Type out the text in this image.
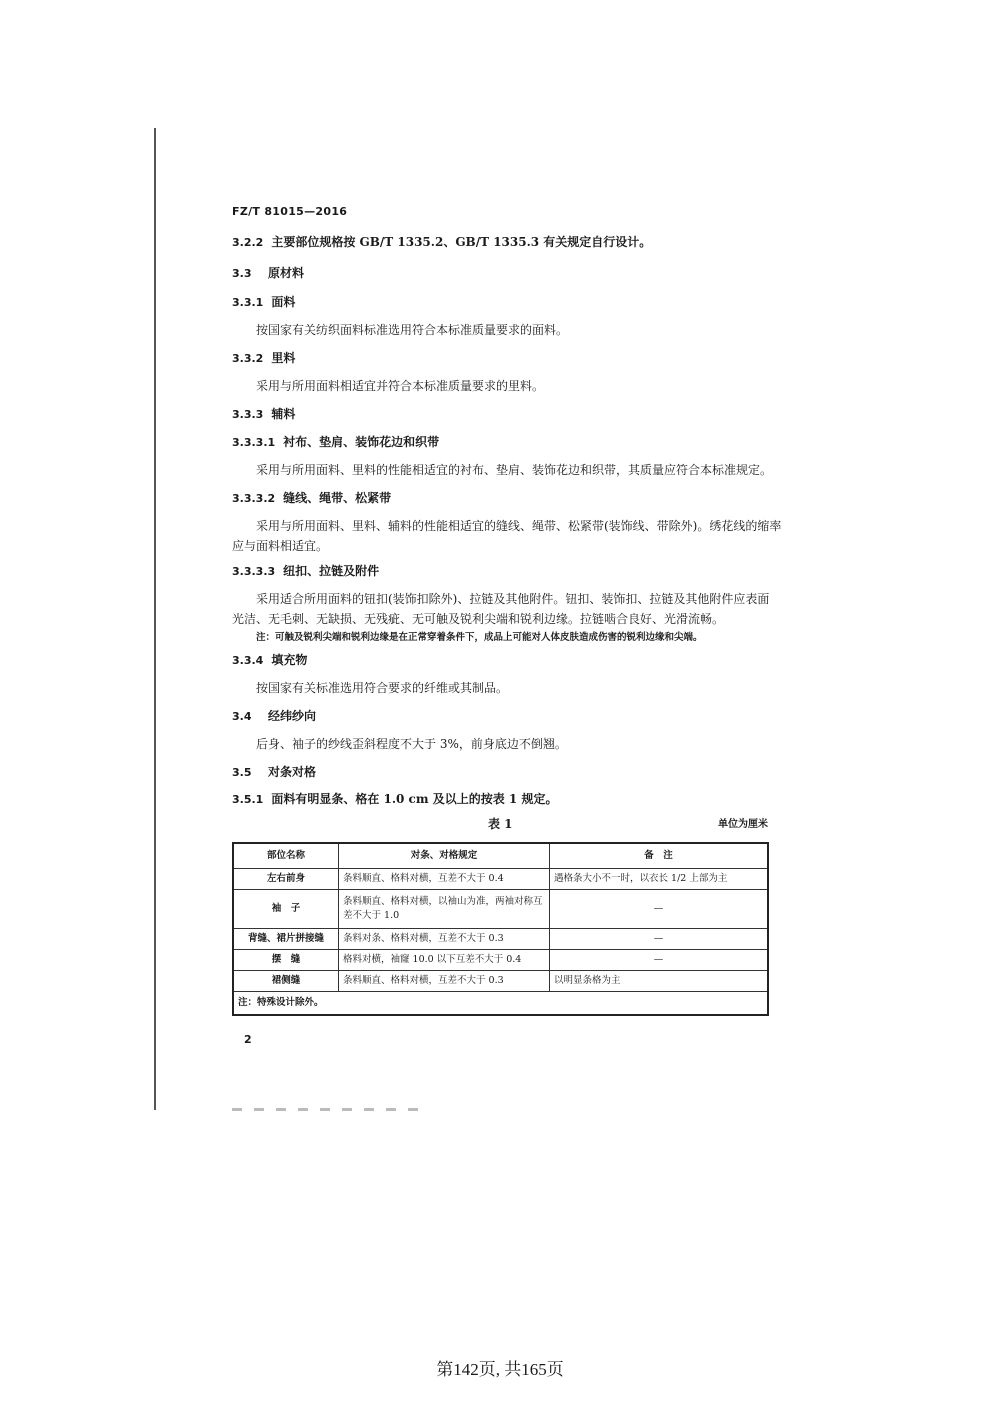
FZ/T 81015—2016
3.2.2 主要部位规格按 GB/T 1335.2、GB/T 1335.3 有关规定自行设计。
3.3 原材料
3.3.1 面料
按国家有关纺织面料标准选用符合本标准质量要求的面料。
3.3.2 里料
采用与所用面料相适宜并符合本标准质量要求的里料。
3.3.3 辅料
3.3.3.1 衬布、垫肩、装饰花边和织带
采用与所用面料、里料的性能相适宜的衬布、垫肩、装饰花边和织带，其质量应符合本标准规定。
3.3.3.2 缝线、绳带、松紧带
采用与所用面料、里料、辅料的性能相适宜的缝线、绳带、松紧带(装饰线、带除外)。绣花线的缩率
应与面料相适宜。
3.3.3.3 纽扣、拉链及附件
采用适合所用面料的钮扣(装饰扣除外)、拉链及其他附件。钮扣、装饰扣、拉链及其他附件应表面
光洁、无毛刺、无缺损、无残疵、无可触及锐利尖端和锐利边缘。拉链啮合良好、光滑流畅。
注：可触及锐利尖端和锐利边缘是在正常穿着条件下，成品上可能对人体皮肤造成伤害的锐利边缘和尖端。
3.3.4 填充物
按国家有关标准选用符合要求的纤维或其制品。
3.4 经纬纱向
后身、袖子的纱线歪斜程度不大于 3%，前身底边不倒翘。
3.5 对条对格
3.5.1 面料有明显条、格在 1.0 cm 及以上的按表 1 规定。
表 1	单位为厘米
部位名称	对条、对格规定	备　注
左右前身	条料顺直、格料对横，互差不大于 0.4	遇格条大小不一时，以衣长 1/2 上部为主
袖　子	条料顺直、格料对横，以袖山为准，两袖对称互差不大于 1.0	—
背缝、裙片拼接缝	条料对条、格料对横，互差不大于 0.3	—
摆　缝	格料对横，袖窿 10.0 以下互差不大于 0.4	—
裙侧缝	条料顺直、格料对横，互差不大于 0.3	以明显条格为主
注：特殊设计除外。		
2
第142页, 共165页
